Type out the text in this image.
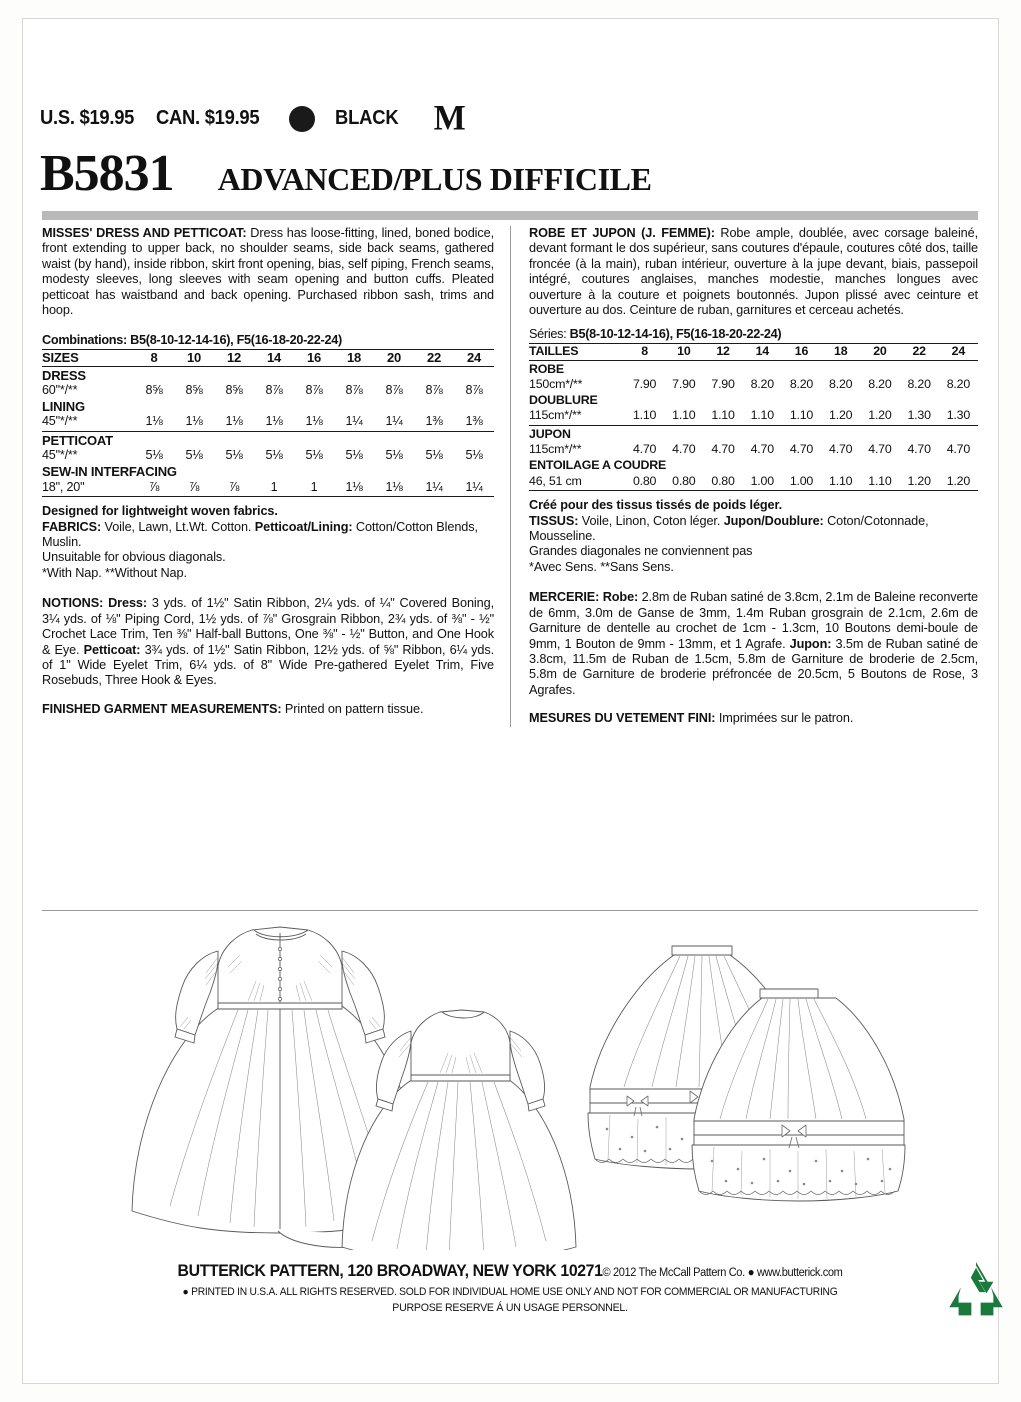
U.S. $19.95 CAN. $19.95	BLACK M
B5831 ADVANCED/PLUS DIFFICILE

MISSES' DRESS AND PETTICOAT: Dress has loose-fitting, lined, boned bodice, front extending to upper back, no shoulder seams, side back seams, gathered waist (by hand), inside ribbon, skirt front opening, bias, self piping, French seams, modesty sleeves, long sleeves with seam opening and button cuffs. Pleated petticoat has waistband and back opening. Purchased ribbon sash, trims and hoop.

Combinations: B5(8-10-12-14-16), F5(16-18-20-22-24)
SIZES	8	10	12	14	16	18	20	22	24
DRESS									
60"*/**	8⅝	8⅝	8⅝	8⅞	8⅞	8⅞	8⅞	8⅞	8⅞
LINING									
45"*/**	1⅛	1⅛	1⅛	1⅛	1⅛	1¼	1¼	1⅜	1⅜

PETTICOAT									
45"*/**	5⅛	5⅛	5⅛	5⅛	5⅛	5⅛	5⅛	5⅛	5⅛
SEW-IN INTERFACING									
18", 20"	⅞	⅞	⅞	1	1	1⅛	1⅛	1¼	1¼

Designed for lightweight woven fabrics.
FABRICS: Voile, Lawn, Lt.Wt. Cotton. Petticoat/Lining: Cotton/Cotton Blends, Muslin.
Unsuitable for obvious diagonals.
*With Nap. **Without Nap.

NOTIONS: Dress: 3 yds. of 1½" Satin Ribbon, 2¼ yds. of ¼" Covered Boning, 3¼ yds. of ⅛" Piping Cord, 1½ yds. of ⅞" Grosgrain Ribbon, 2¾ yds. of ⅜" - ½" Crochet Lace Trim, Ten ⅜" Half-ball Buttons, One ⅜" - ½" Button, and One Hook & Eye. Petticoat: 3¾ yds. of 1½" Satin Ribbon, 12½ yds. of ⅝" Ribbon, 6¼ yds. of 1" Wide Eyelet Trim, 6¼ yds. of 8" Wide Pre-gathered Eyelet Trim, Five Rosebuds, Three Hook & Eyes.

FINISHED GARMENT MEASUREMENTS: Printed on pattern tissue.

ROBE ET JUPON (J. FEMME): Robe ample, doublée, avec corsage baleiné, devant formant le dos supérieur, sans coutures d'épaule, coutures côté dos, taille froncée (à la main), ruban intérieur, ouverture à la jupe devant, biais, passepoil intégré, coutures anglaises, manches modestie, manches longues avec ouverture à la couture et poignets boutonnés. Jupon plissé avec ceinture et ouverture au dos. Ceinture de ruban, garnitures et cerceau achetés.

Séries: B5(8-10-12-14-16), F5(16-18-20-22-24)
TAILLES	8	10	12	14	16	18	20	22	24
ROBE									
150cm*/**	7.90	7.90	7.90	8.20	8.20	8.20	8.20	8.20	8.20
DOUBLURE									
115cm*/**	1.10	1.10	1.10	1.10	1.10	1.20	1.20	1.30	1.30

JUPON									
115cm*/**	4.70	4.70	4.70	4.70	4.70	4.70	4.70	4.70	4.70
ENTOILAGE A COUDRE									
46, 51 cm	0.80	0.80	0.80	1.00	1.00	1.10	1.10	1.20	1.20

Créé pour des tissus tissés de poids léger.
TISSUS: Voile, Linon, Coton léger. Jupon/Doublure: Coton/Cotonnade, Mousseline.
Grandes diagonales ne conviennent pas
*Avec Sens. **Sans Sens.

MERCERIE: Robe: 2.8m de Ruban satiné de 3.8cm, 2.1m de Baleine reconverte de 6mm, 3.0m de Ganse de 3mm, 1.4m Ruban grosgrain de 2.1cm, 2.6m de Garniture de dentelle au crochet de 1cm - 1.3cm, 10 Boutons demi-boule de 9mm, 1 Bouton de 9mm - 13mm, et 1 Agrafe. Jupon: 3.5m de Ruban satiné de 3.8cm, 11.5m de Ruban de 1.5cm, 5.8m de Garniture de broderie de 2.5cm, 5.8m de Garniture de broderie préfroncée de 20.5cm, 5 Boutons de Rose, 3 Agrafes.

MESURES DU VETEMENT FINI: Imprimées sur le patron.

BUTTERICK PATTERN, 120 BROADWAY, NEW YORK 10271© 2012 The McCall Pattern Co. ● www.butterick.com
● PRINTED IN U.S.A. ALL RIGHTS RESERVED. SOLD FOR INDIVIDUAL HOME USE ONLY AND NOT FOR COMMERCIAL OR MANUFACTURING
PURPOSE RESERVE Á UN USAGE PERSONNEL.
